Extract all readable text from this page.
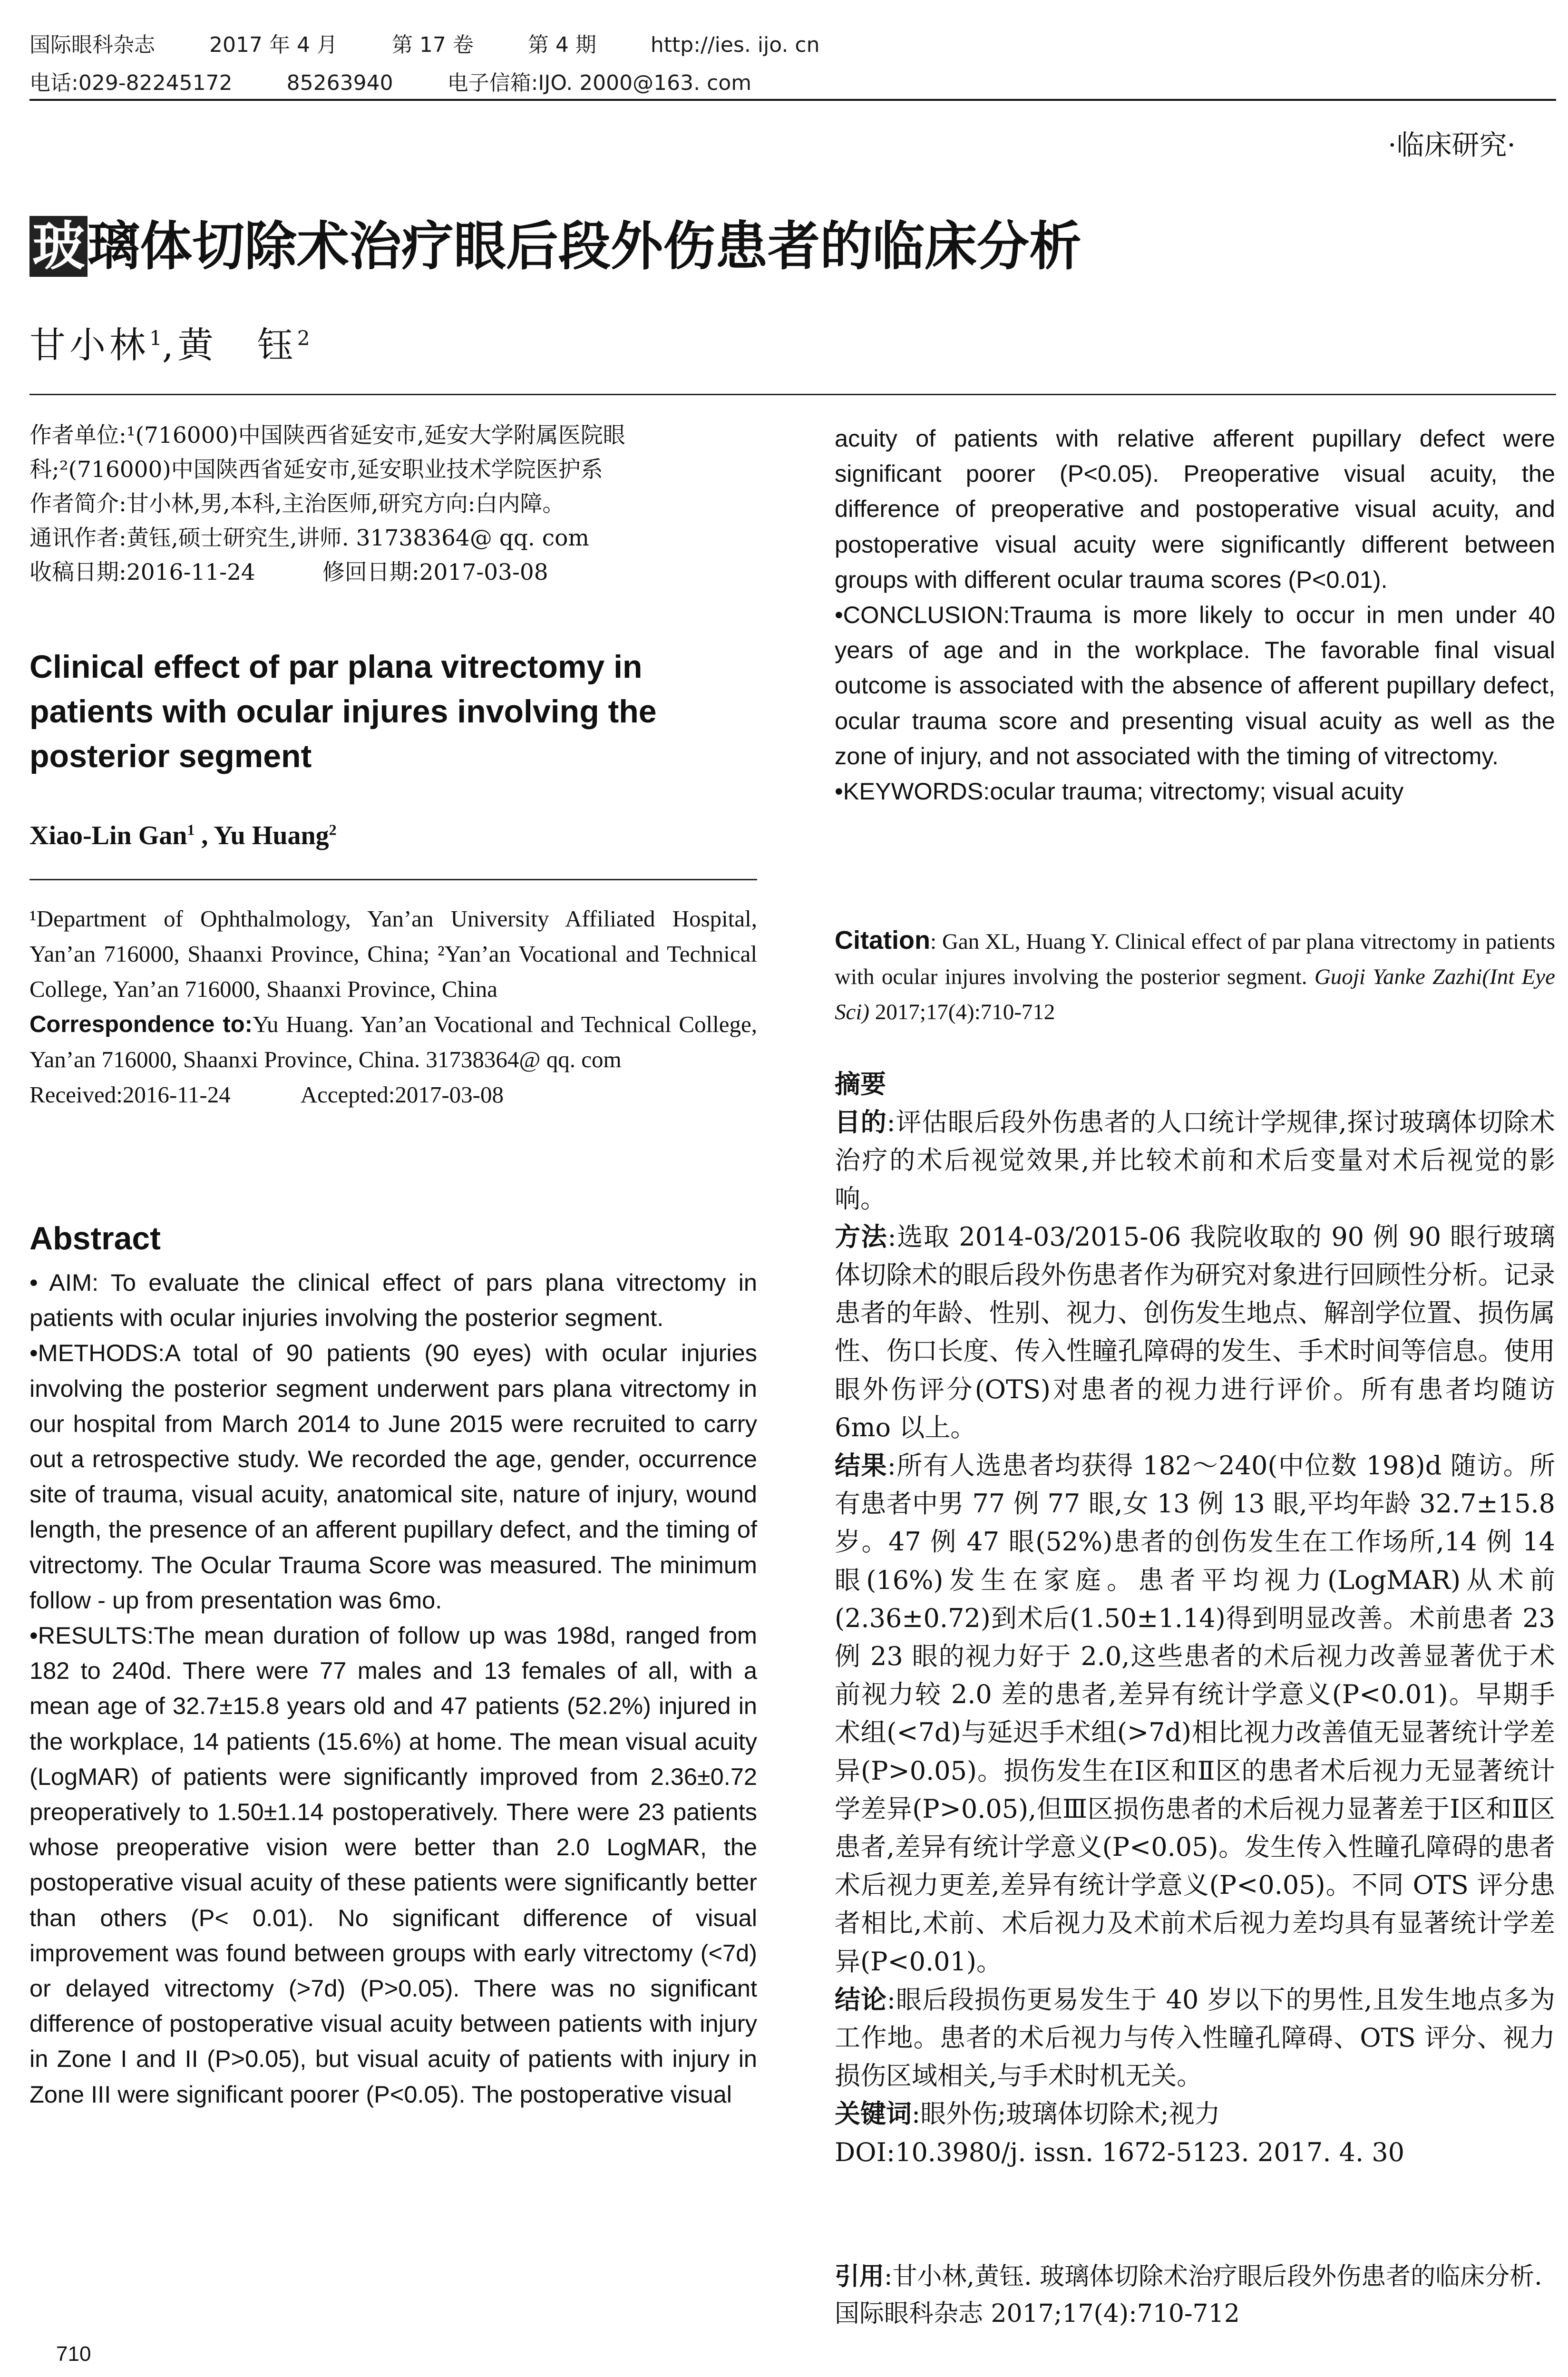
国际眼科杂志	2017 年 4 月	第 17 卷	第 4 期	http://ies. ijo. cn
电话:029-82245172	85263940	电子信箱:IJO. 2000@163. com
·临床研究·
玻璃体切除术治疗眼后段外伤患者的临床分析
甘小林$^1$,黄　钰$^2$

作者单位:¹(716000)中国陕西省延安市,延安大学附属医院眼

科;²(716000)中国陕西省延安市,延安职业技术学院医护系

作者简介:甘小林,男,本科,主治医师,研究方向:白内障。

通讯作者:黄钰,硕士研究生,讲师. 31738364@ qq. com

收稿日期:2016-11-24　　　修回日期:2017-03-08

Clinical effect of par plana vitrectomy in patients with ocular injures involving the posterior segment
Xiao-Lin Gan$^1$ , Yu Huang$^2$

¹Department of Ophthalmology, Yan’an University Affiliated Hospital, Yan’an 716000, Shaanxi Province, China; ²Yan’an Vocational and Technical College, Yan’an 716000, Shaanxi Province, China

Correspondence to:Yu Huang. Yan’an Vocational and Technical College, Yan’an 716000, Shaanxi Province, China. 31738364@ qq. com

Received:2016-11-24　　　Accepted:2017-03-08

Abstract

• AIM: To evaluate the clinical effect of pars plana vitrectomy in patients with ocular injuries involving the posterior segment.

•METHODS:A total of 90 patients (90 eyes) with ocular injuries involving the posterior segment underwent pars plana vitrectomy in our hospital from March 2014 to June 2015 were recruited to carry out a retrospective study. We recorded the age, gender, occurrence site of trauma, visual acuity, anatomical site, nature of injury, wound length, the presence of an afferent pupillary defect, and the timing of vitrectomy. The Ocular Trauma Score was measured. The minimum follow - up from presentation was 6mo.

•RESULTS:The mean duration of follow up was 198d, ranged from 182 to 240d. There were 77 males and 13 females of all, with a mean age of 32.7±15.8 years old and 47 patients (52.2%) injured in the workplace, 14 patients (15.6%) at home. The mean visual acuity (LogMAR) of patients were significantly improved from 2.36±0.72 preoperatively to 1.50±1.14 postoperatively. There were 23 patients whose preoperative vision were better than 2.0 LogMAR, the postoperative visual acuity of these patients were significantly better than others (P< 0.01). No significant difference of visual improvement was found between groups with early vitrectomy (<7d) or delayed vitrectomy (>7d) (P>0.05). There was no significant difference of postoperative visual acuity between patients with injury in Zone I and II (P>0.05), but visual acuity of patients with injury in Zone III were significant poorer (P<0.05). The postoperative visual

710

acuity of patients with relative afferent pupillary defect were significant poorer (P<0.05). Preoperative visual acuity, the difference of preoperative and postoperative visual acuity, and postoperative visual acuity were significantly different between groups with different ocular trauma scores (P<0.01).

•CONCLUSION:Trauma is more likely to occur in men under 40 years of age and in the workplace. The favorable final visual outcome is associated with the absence of afferent pupillary defect, ocular trauma score and presenting visual acuity as well as the zone of injury, and not associated with the timing of vitrectomy.

•KEYWORDS:ocular trauma; vitrectomy; visual acuity

Citation: Gan XL, Huang Y. Clinical effect of par plana vitrectomy in patients with ocular injures involving the posterior segment. Guoji Yanke Zazhi(Int Eye Sci) 2017;17(4):710-712

摘要

目的:评估眼后段外伤患者的人口统计学规律,探讨玻璃体切除术治疗的术后视觉效果,并比较术前和术后变量对术后视觉的影响。

方法:选取 2014-03/2015-06 我院收取的 90 例 90 眼行玻璃体切除术的眼后段外伤患者作为研究对象进行回顾性分析。记录患者的年龄、性别、视力、创伤发生地点、解剖学位置、损伤属性、伤口长度、传入性瞳孔障碍的发生、手术时间等信息。使用眼外伤评分(OTS)对患者的视力进行评价。所有患者均随访 6mo 以上。

结果:所有人选患者均获得 182～240(中位数 198)d 随访。所有患者中男 77 例 77 眼,女 13 例 13 眼,平均年龄 32.7±15.8 岁。47 例 47 眼(52%)患者的创伤发生在工作场所,14 例 14 眼(16%)发生在家庭。患者平均视力(LogMAR)从术前(2.36±0.72)到术后(1.50±1.14)得到明显改善。术前患者 23 例 23 眼的视力好于 2.0,这些患者的术后视力改善显著优于术前视力较 2.0 差的患者,差异有统计学意义(P<0.01)。早期手术组(<7d)与延迟手术组(>7d)相比视力改善值无显著统计学差异(P>0.05)。损伤发生在Ⅰ区和Ⅱ区的患者术后视力无显著统计学差异(P>0.05),但Ⅲ区损伤患者的术后视力显著差于Ⅰ区和Ⅱ区患者,差异有统计学意义(P<0.05)。发生传入性瞳孔障碍的患者术后视力更差,差异有统计学意义(P<0.05)。不同 OTS 评分患者相比,术前、术后视力及术前术后视力差均具有显著统计学差异(P<0.01)。

结论:眼后段损伤更易发生于 40 岁以下的男性,且发生地点多为工作地。患者的术后视力与传入性瞳孔障碍、OTS 评分、视力损伤区域相关,与手术时机无关。

关键词:眼外伤;玻璃体切除术;视力

DOI:10.3980/j. issn. 1672-5123. 2017. 4. 30

引用:甘小林,黄钰. 玻璃体切除术治疗眼后段外伤患者的临床分析. 国际眼科杂志 2017;17(4):710-712
